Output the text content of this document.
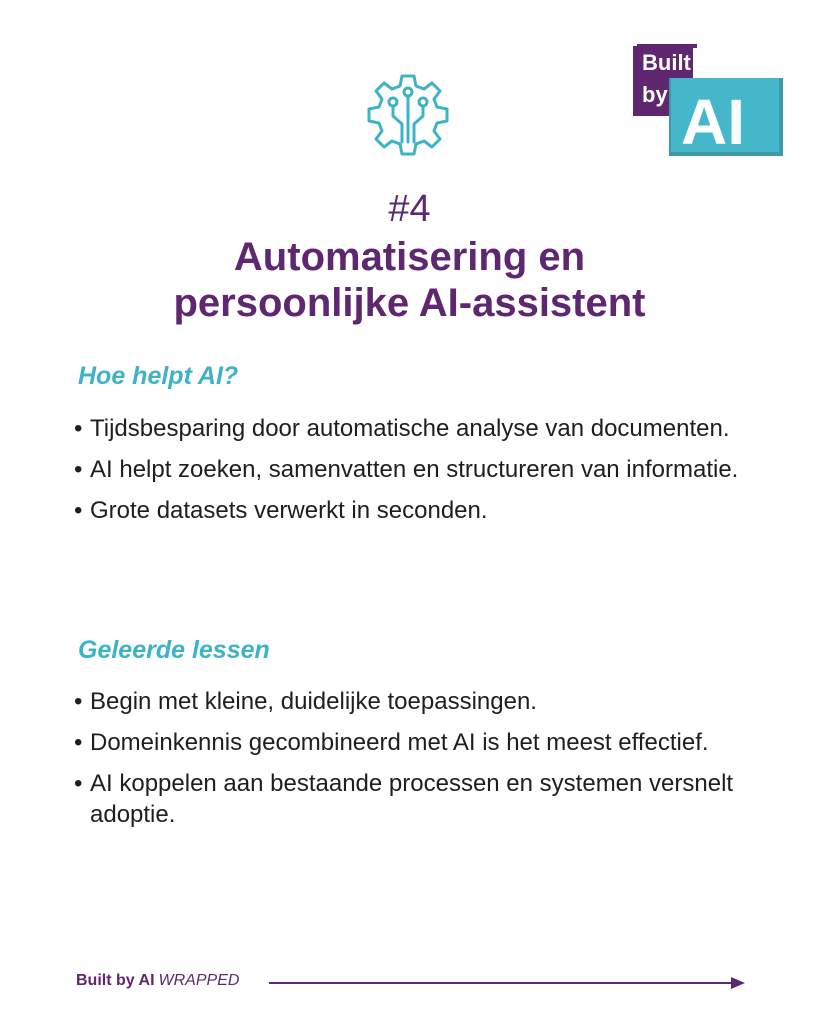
Built
by AI
#4
Automatisering en
persoonlijke AI-assistent
Hoe helpt AI?
• Tijdsbesparing door automatische analyse van documenten.
• AI helpt zoeken, samenvatten en structureren van informatie.
• Grote datasets verwerkt in seconden.
Geleerde lessen
• Begin met kleine, duidelijke toepassingen.
• Domeinkennis gecombineerd met AI is het meest effectief.
• AI koppelen aan bestaande processen en systemen versnelt adoptie.
Built by AI WRAPPED
